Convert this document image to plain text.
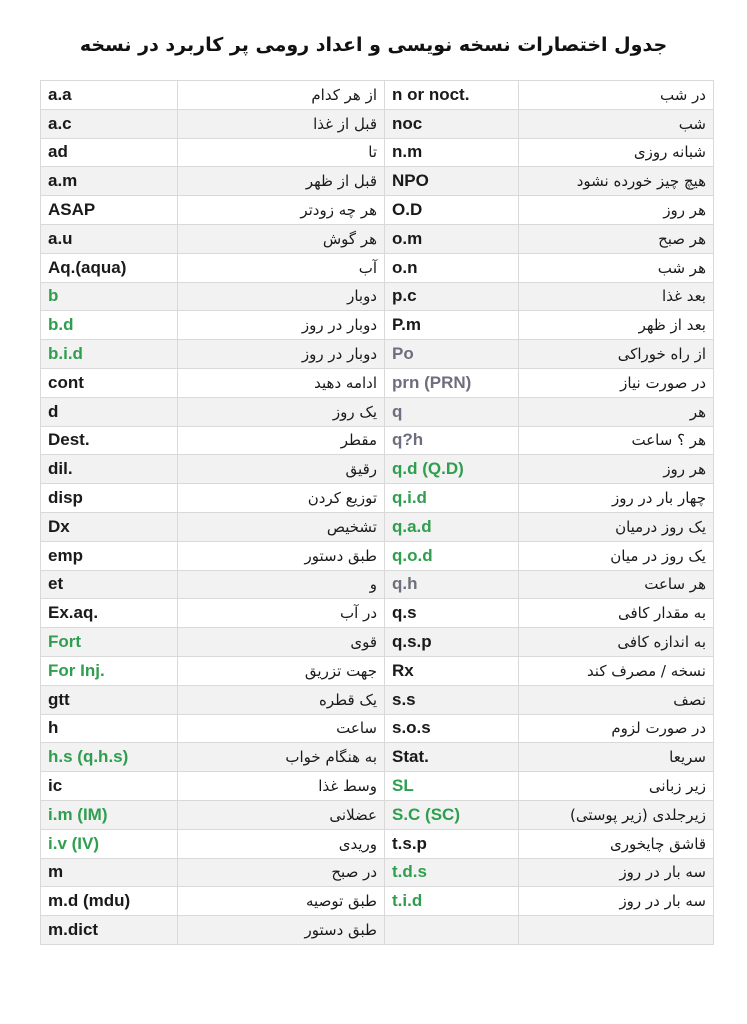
جدول اختصارات نسخه نویسی و اعداد رومی پر کاربرد در نسخه
a.a	از هر کدام	n or noct.	در شب
a.c	قبل از غذا	noc	شب
ad	تا	n.m	شبانه روزی
a.m	قبل از ظهر	NPO	هیچ چیز خورده نشود
ASAP	هر چه زودتر	O.D	هر روز
a.u	هر گوش	o.m	هر صبح
Aq.(aqua)	آب	o.n	هر شب
b	دوبار	p.c	بعد غذا
b.d	دوبار در روز	P.m	بعد از ظهر
b.i.d	دوبار در روز	Po	از راه خوراکی
cont	ادامه دهید	prn (PRN)	در صورت نیاز
d	یک روز	q	هر
Dest.	مقطر	q?h	هر ؟ ساعت
dil.	رقیق	q.d (Q.D)	هر روز
disp	توزیع کردن	q.i.d	چهار بار در روز
Dx	تشخیص	q.a.d	یک روز درمیان
emp	طبق دستور	q.o.d	یک روز در میان
et	و	q.h	هر ساعت
Ex.aq.	در آب	q.s	به مقدار کافی
Fort	قوی	q.s.p	به اندازه کافی
For Inj.	جهت تزریق	Rx	نسخه / مصرف کند
gtt	یک قطره	s.s	نصف
h	ساعت	s.o.s	در صورت لزوم
h.s (q.h.s)	به هنگام خواب	Stat.	سریعا
ic	وسط غذا	SL	زیر زبانی
i.m (IM)	عضلانی	S.C (SC)	زیرجلدی (زیر پوستی)
i.v (IV)	وریدی	t.s.p	قاشق چایخوری
m	در صبح	t.d.s	سه بار در روز
m.d (mdu)	طبق توصیه	t.i.d	سه بار در روز
m.dict	طبق دستور		
